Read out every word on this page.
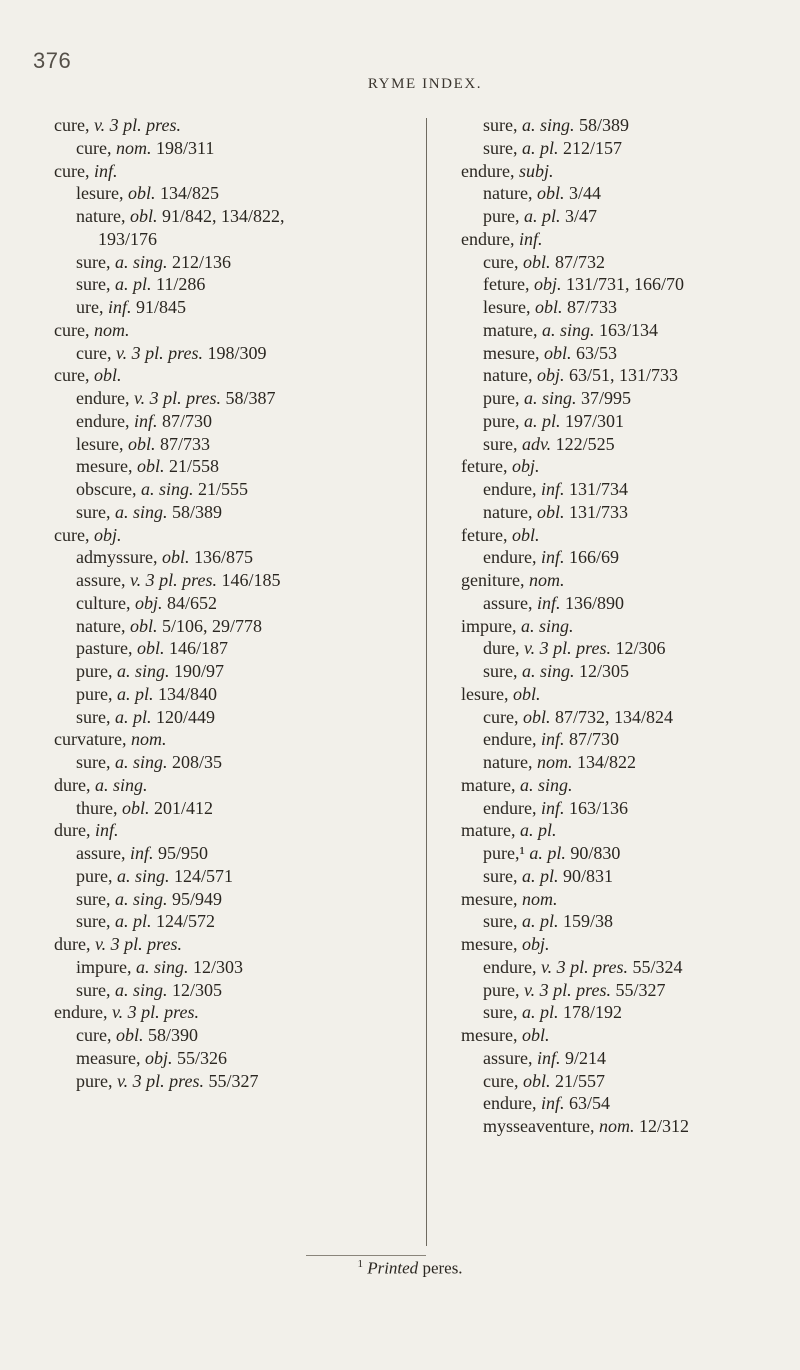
376
RYME INDEX.
cure, v. 3 pl. pres.
cure, nom. 198/311
cure, inf.
lesure, obl. 134/825
nature, obl. 91/842, 134/822,
193/176
sure, a. sing. 212/136
sure, a. pl. 11/286
ure, inf. 91/845
cure, nom.
cure, v. 3 pl. pres. 198/309
cure, obl.
endure, v. 3 pl. pres. 58/387
endure, inf. 87/730
lesure, obl. 87/733
mesure, obl. 21/558
obscure, a. sing. 21/555
sure, a. sing. 58/389
cure, obj.
admyssure, obl. 136/875
assure, v. 3 pl. pres. 146/185
culture, obj. 84/652
nature, obl. 5/106, 29/778
pasture, obl. 146/187
pure, a. sing. 190/97
pure, a. pl. 134/840
sure, a. pl. 120/449
curvature, nom.
sure, a. sing. 208/35
dure, a. sing.
thure, obl. 201/412
dure, inf.
assure, inf. 95/950
pure, a. sing. 124/571
sure, a. sing. 95/949
sure, a. pl. 124/572
dure, v. 3 pl. pres.
impure, a. sing. 12/303
sure, a. sing. 12/305
endure, v. 3 pl. pres.
cure, obl. 58/390
measure, obj. 55/326
pure, v. 3 pl. pres. 55/327
sure, a. sing. 58/389
sure, a. pl. 212/157
endure, subj.
nature, obl. 3/44
pure, a. pl. 3/47
endure, inf.
cure, obl. 87/732
feture, obj. 131/731, 166/70
lesure, obl. 87/733
mature, a. sing. 163/134
mesure, obl. 63/53
nature, obj. 63/51, 131/733
pure, a. sing. 37/995
pure, a. pl. 197/301
sure, adv. 122/525
feture, obj.
endure, inf. 131/734
nature, obl. 131/733
feture, obl.
endure, inf. 166/69
geniture, nom.
assure, inf. 136/890
impure, a. sing.
dure, v. 3 pl. pres. 12/306
sure, a. sing. 12/305
lesure, obl.
cure, obl. 87/732, 134/824
endure, inf. 87/730
nature, nom. 134/822
mature, a. sing.
endure, inf. 163/136
mature, a. pl.
pure,¹ a. pl. 90/830
sure, a. pl. 90/831
mesure, nom.
sure, a. pl. 159/38
mesure, obj.
endure, v. 3 pl. pres. 55/324
pure, v. 3 pl. pres. 55/327
sure, a. pl. 178/192
mesure, obl.
assure, inf. 9/214
cure, obl. 21/557
endure, inf. 63/54
mysseaventure, nom. 12/312
$^1$ Printed peres.
